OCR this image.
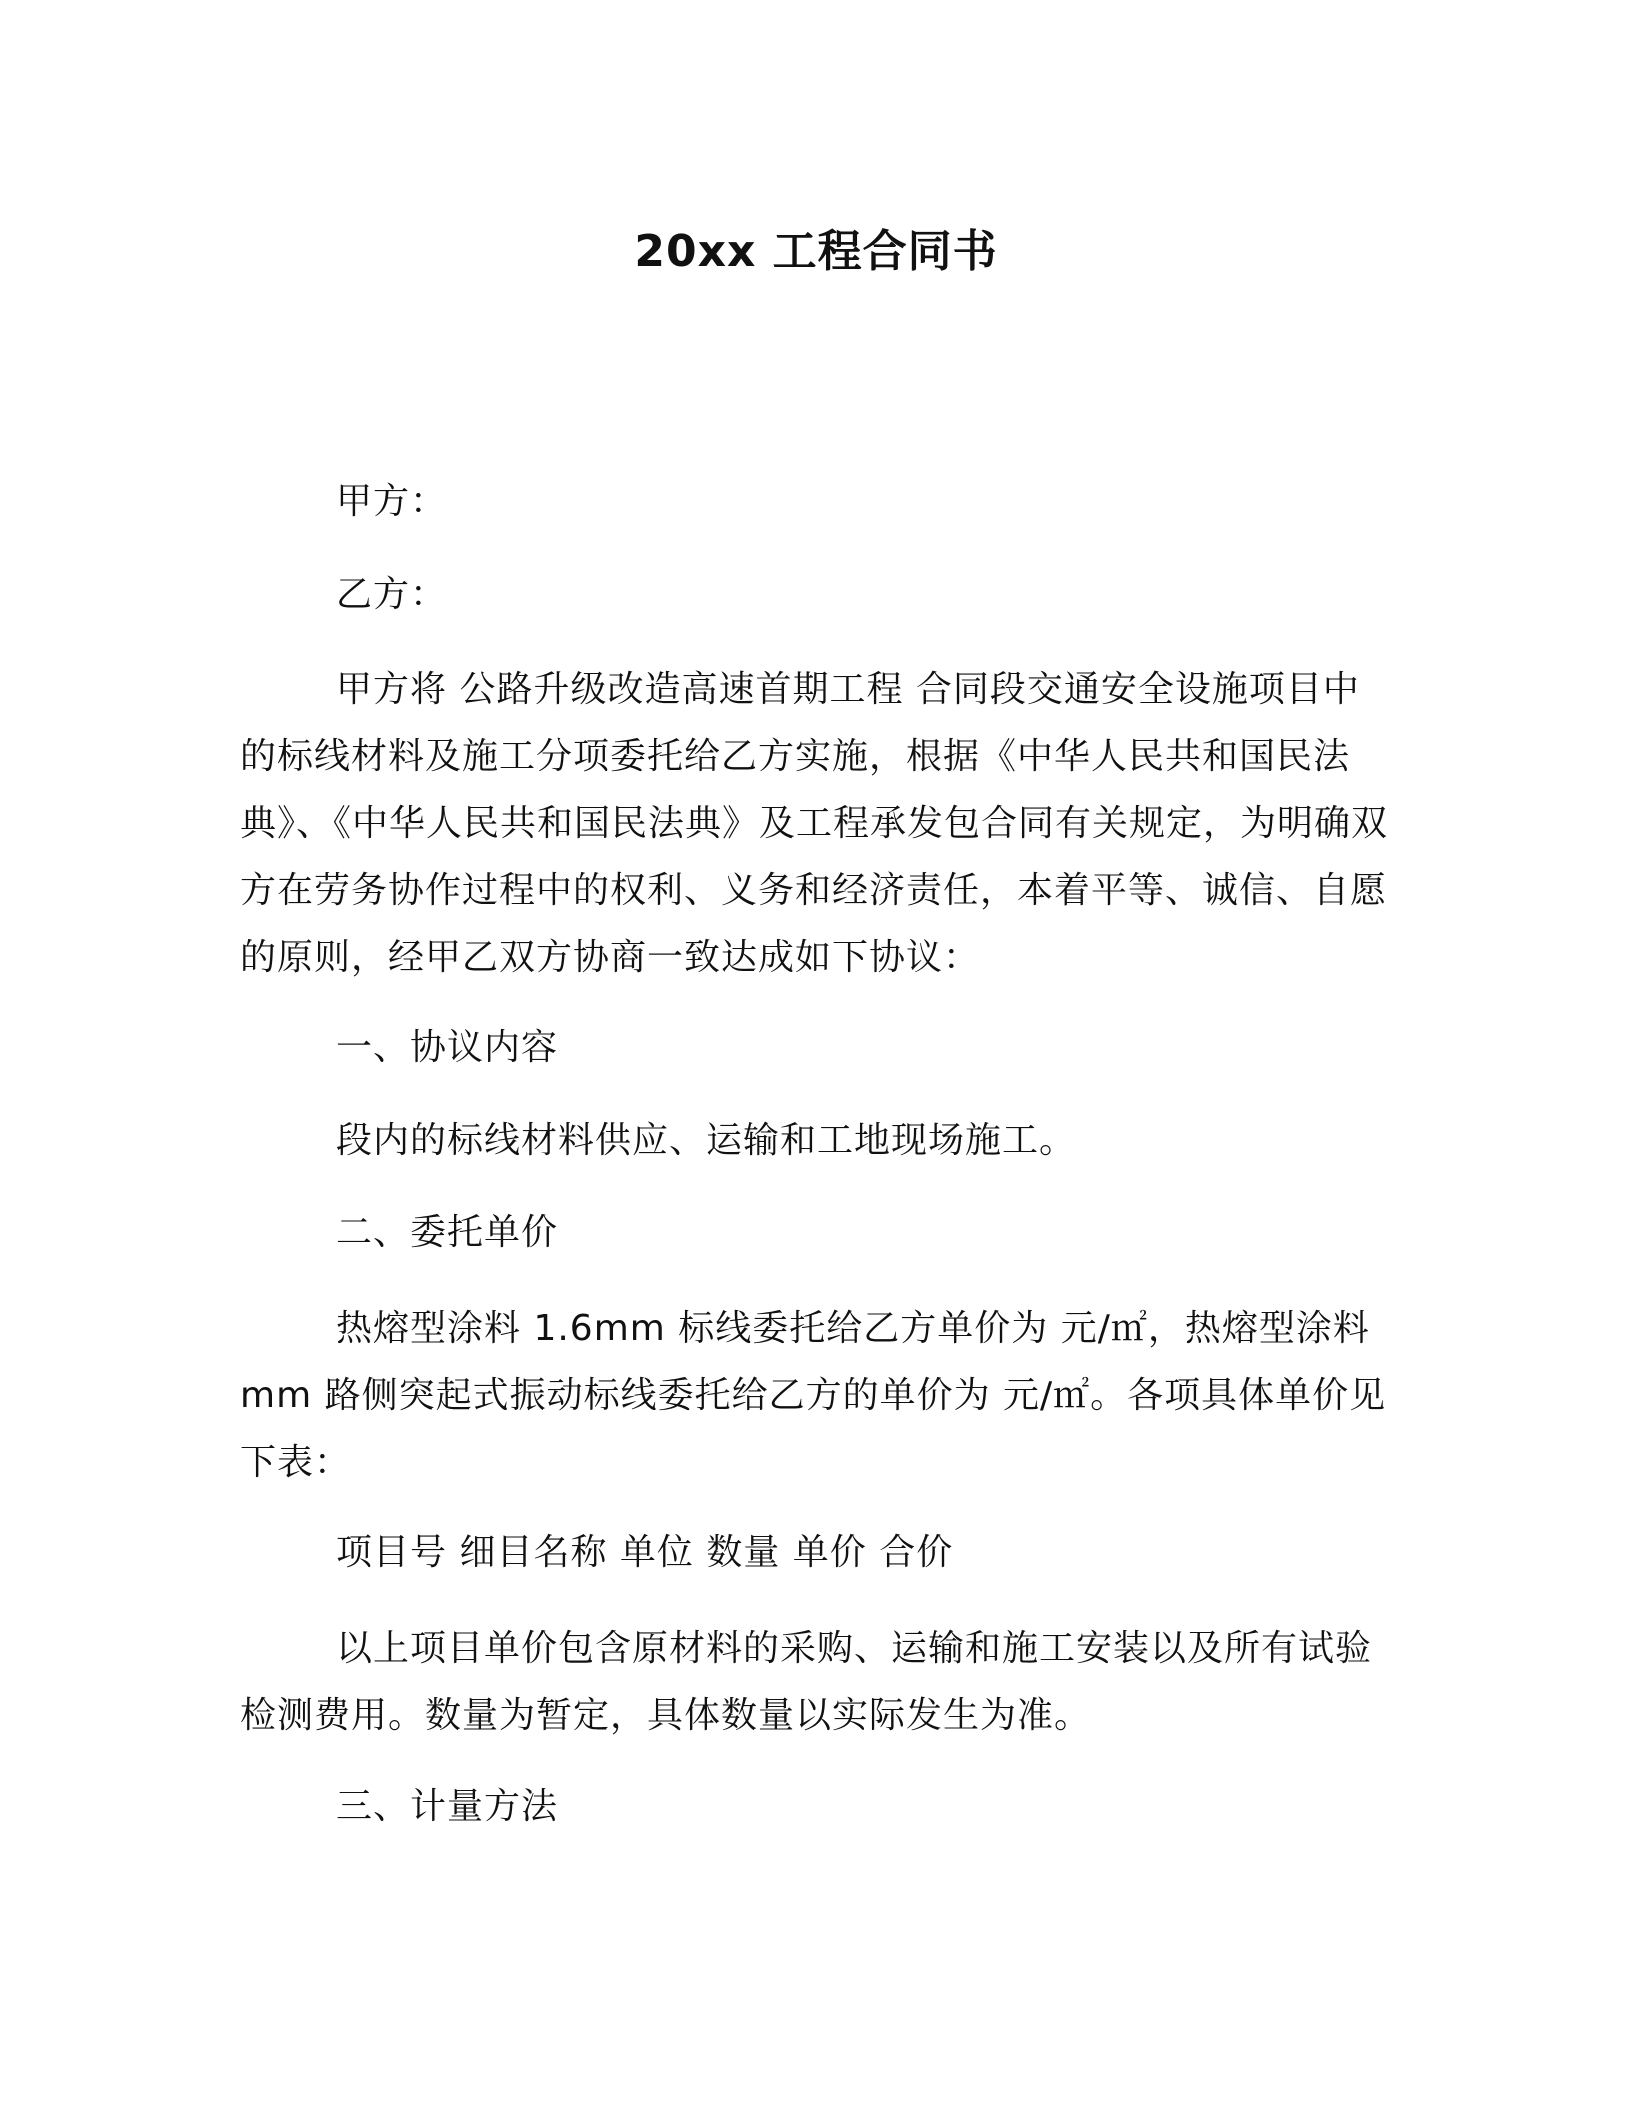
20xx 工程合同书
甲方：
乙方：
甲方将 公路升级改造高速首期工程 合同段交通安全设施项目中的标线材料及施工分项委托给乙方实施，根据《中华人民共和国民法典》、《中华人民共和国民法典》及工程承发包合同有关规定，为明确双方在劳务协作过程中的权利、义务和经济责任，本着平等、诚信、自愿的原则，经甲乙双方协商一致达成如下协议：
一、协议内容
段内的标线材料供应、运输和工地现场施工。
二、委托单价
热熔型涂料 1.6mm 标线委托给乙方单价为 元/㎡，热熔型涂料 mm 路侧突起式振动标线委托给乙方的单价为 元/㎡。各项具体单价见下表：
项目号 细目名称 单位 数量 单价 合价
以上项目单价包含原材料的采购、运输和施工安装以及所有试验检测费用。数量为暂定，具体数量以实际发生为准。
三、计量方法
